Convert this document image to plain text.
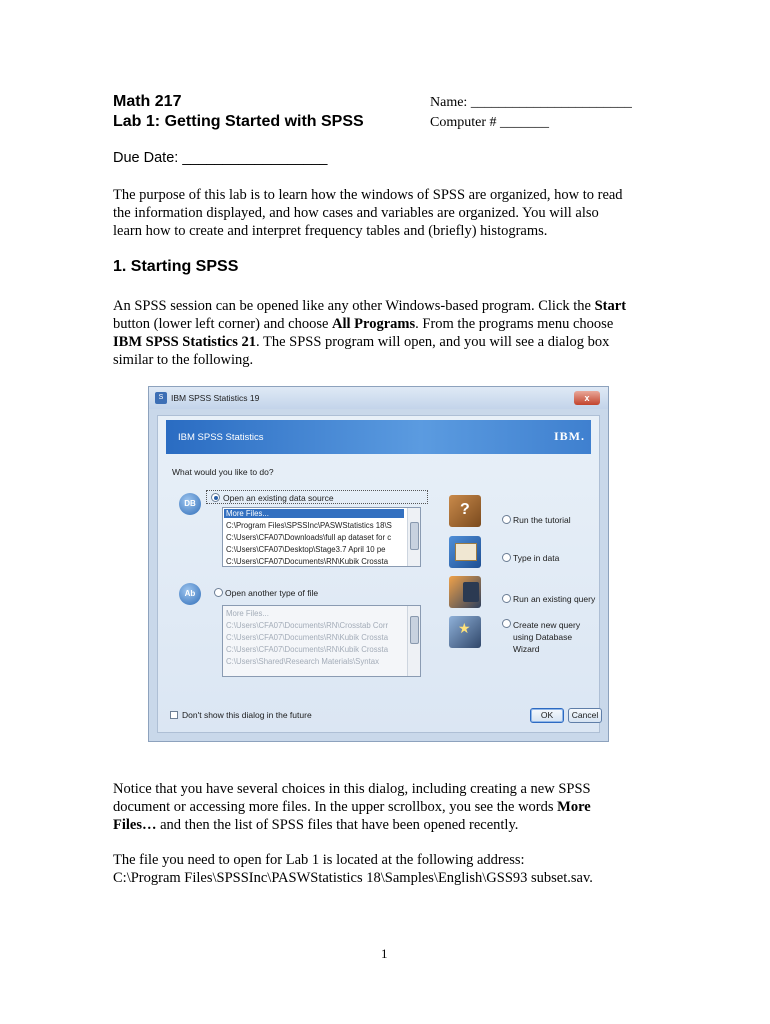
Math 217
Lab 1: Getting Started with SPSS
Name: _______________________
Computer # _______
Due Date: __________________
The purpose of this lab is to learn how the windows of SPSS are organized, how to read
the information displayed, and how cases and variables are organized. You will also
learn how to create and interpret frequency tables and (briefly) histograms.
1. Starting SPSS
An SPSS session can be opened like any other Windows-based program. Click the Start
button (lower left corner) and choose All Programs. From the programs menu choose
IBM SPSS Statistics 21. The SPSS program will open, and you will see a dialog box
similar to the following.
S IBM SPSS Statistics 19	x
IBM SPSS Statistics	IBM.
What would you like to do?
DB
Open an existing data source
More Files...
C:\Program Files\SPSSInc\PASWStatistics 18\S
C:\Users\CFA07\Downloads\full ap dataset for c
C:\Users\CFA07\Desktop\Stage3.7 April 10 pe
C:\Users\CFA07\Documents\RN\Kubik Crossta
Ab	Open another type of file
More Files...
C:\Users\CFA07\Documents\RN\Crosstab Corr
C:\Users\CFA07\Documents\RN\Kubik Crossta
C:\Users\CFA07\Documents\RN\Kubik Crossta
C:\Users\Shared\Research Materials\Syntax
?
Run the tutorial
Type in data
Run an existing query
★	Create new query
using Database
Wizard
Don't show this dialog in the future	OK	Cancel
Notice that you have several choices in this dialog, including creating a new SPSS
document or accessing more files. In the upper scrollbox, you see the words More
Files… and then the list of SPSS files that have been opened recently.
The file you need to open for Lab 1 is located at the following address:
C:\Program Files\SPSSInc\PASWStatistics 18\Samples\English\GSS93 subset.sav.
1
